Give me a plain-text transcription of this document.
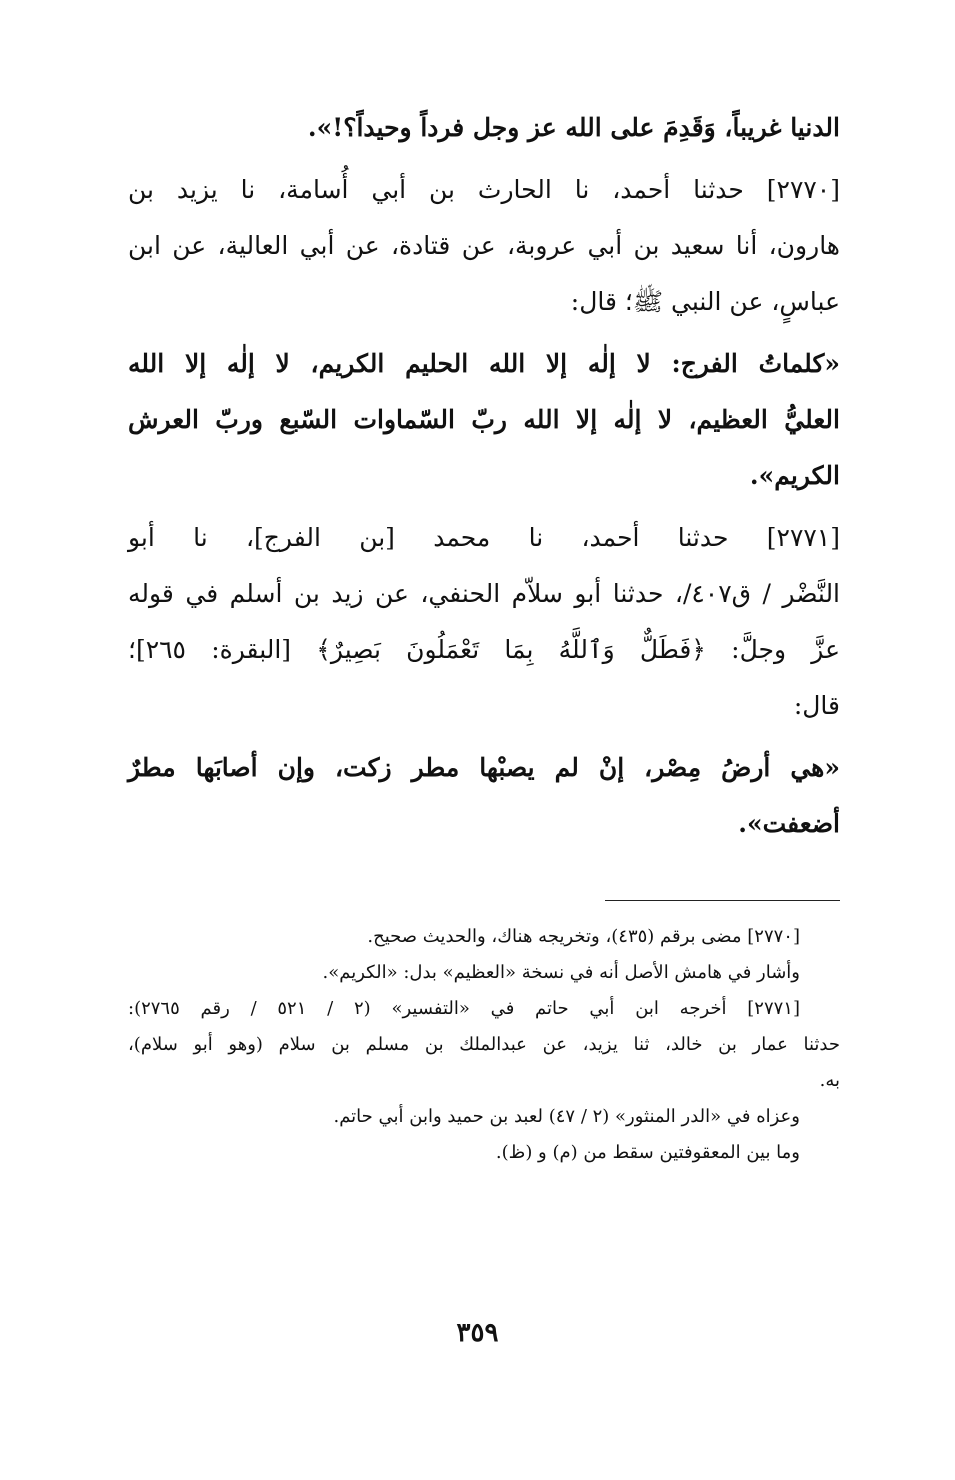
الدنيا غريباً، وَقَدِمَ على الله عز وجل فرداً وحيداً؟!».

[٢٧٧٠] حدثنا أحمد، نا الحارث بن أبي أُسامة، نا يزيد بن

هارون، أنا سعيد بن أبي عروبة، عن قتادة، عن أبي العالية، عن ابن

عباسٍ، عن النبي ﷺ؛ قال:

«كلماتُ الفرج: لا إلٰه إلا الله الحليم الكريم، لا إلٰه إلا الله

العليُّ العظيم، لا إلٰه إلا الله ربّ السّماوات السّبع وربّ العرش

الكريم».

[٢٧٧١] حدثنا أحمد، نا محمد [بن الفرج]، نا أبو

النَّضْر / ق٤٠٧/، حدثنا أبو سلاّم الحنفي، عن زيد بن أسلم في قوله

عزَّ وجلَّ: ﴿فَطَلٌّ وَٱللَّهُ بِمَا تَعْمَلُونَ بَصِيرٌ﴾ [البقرة: ٢٦٥]؛

قال:

«هي أرضُ مِصْر، إنْ لم يصبْها مطر زكت، وإن أصابَها مطرٌ

أضعفت».

[٢٧٧٠] مضى برقم (٤٣٥)، وتخريجه هناك، والحديث صحيح.

وأشار في هامش الأصل أنه في نسخة «العظيم» بدل: «الكريم».

[٢٧٧١] أخرجه ابن أبي حاتم في «التفسير» (٢ / ٥٢١ / رقم ٢٧٦٥):

حدثنا عمار بن خالد، ثنا يزيد، عن عبدالملك بن مسلم بن سلام (وهو أبو سلام)،

به.

وعزاه في «الدر المنثور» (٢ / ٤٧) لعبد بن حميد وابن أبي حاتم.

وما بين المعقوفتين سقط من (م) و (ظ).

٣٥٩
